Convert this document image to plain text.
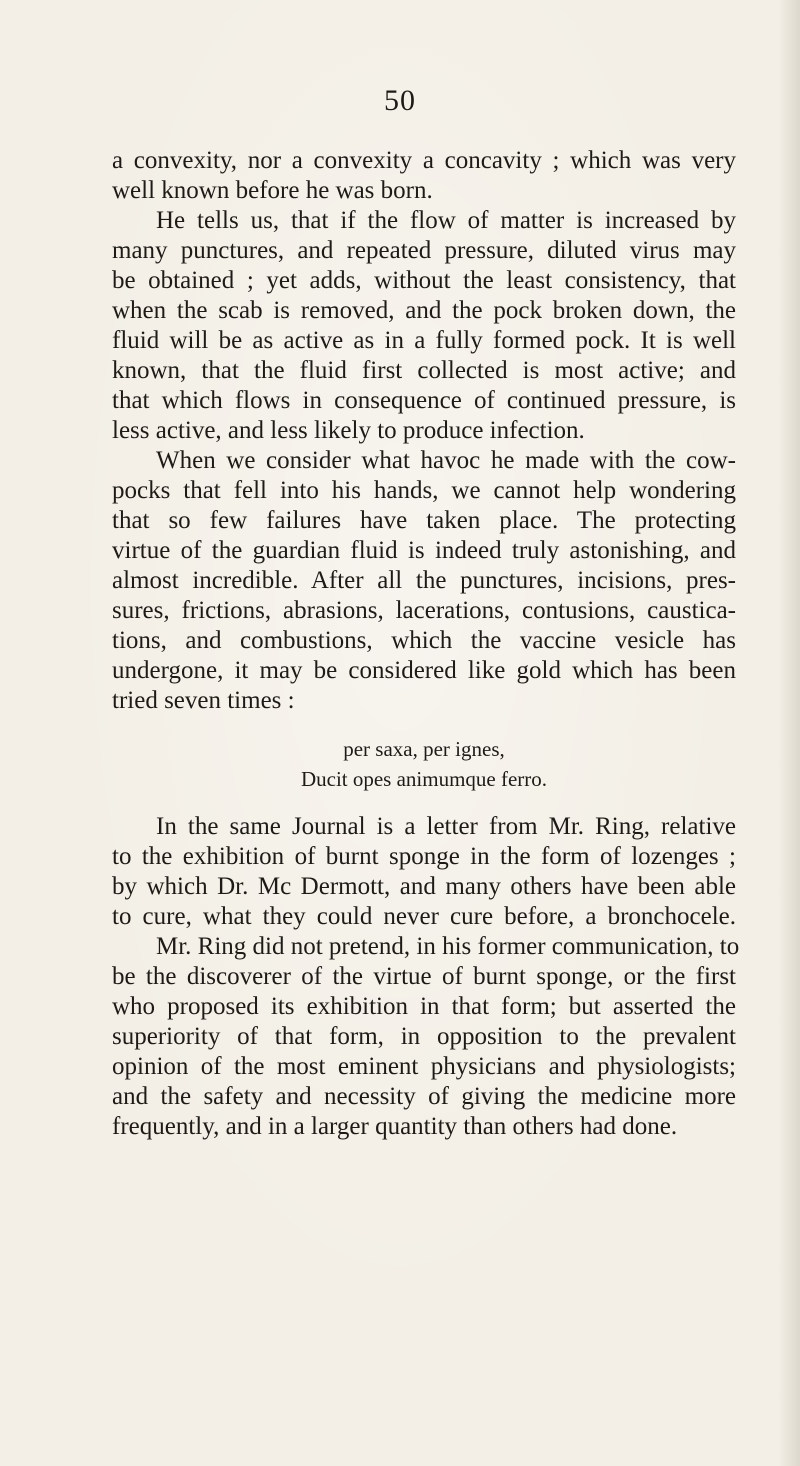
50
a convexity, nor a convexity a concavity ; which was very
well known before he was born.
He tells us, that if the flow of matter is increased by
many punctures, and repeated pressure, diluted virus may
be obtained ; yet adds, without the least consistency, that
when the scab is removed, and the pock broken down, the
fluid will be as active as in a fully formed pock. It is well
known, that the fluid first collected is most active; and
that which flows in consequence of continued pressure, is
less active, and less likely to produce infection.
When we consider what havoc he made with the cow-
pocks that fell into his hands, we cannot help wondering
that so few failures have taken place. The protecting
virtue of the guardian fluid is indeed truly astonishing, and
almost incredible. After all the punctures, incisions, pres-
sures, frictions, abrasions, lacerations, contusions, caustica-
tions, and combustions, which the vaccine vesicle has
undergone, it may be considered like gold which has been
tried seven times :
per saxa, per ignes,
Ducit opes animumque ferro.
In the same Journal is a letter from Mr. Ring, relative
to the exhibition of burnt sponge in the form of lozenges ;
by which Dr. Mc Dermott, and many others have been able
to cure, what they could never cure before, a bronchocele.
Mr. Ring did not pretend, in his former communication, to
be the discoverer of the virtue of burnt sponge, or the first
who proposed its exhibition in that form; but asserted the
superiority of that form, in opposition to the prevalent
opinion of the most eminent physicians and physiologists;
and the safety and necessity of giving the medicine more
frequently, and in a larger quantity than others had done.
